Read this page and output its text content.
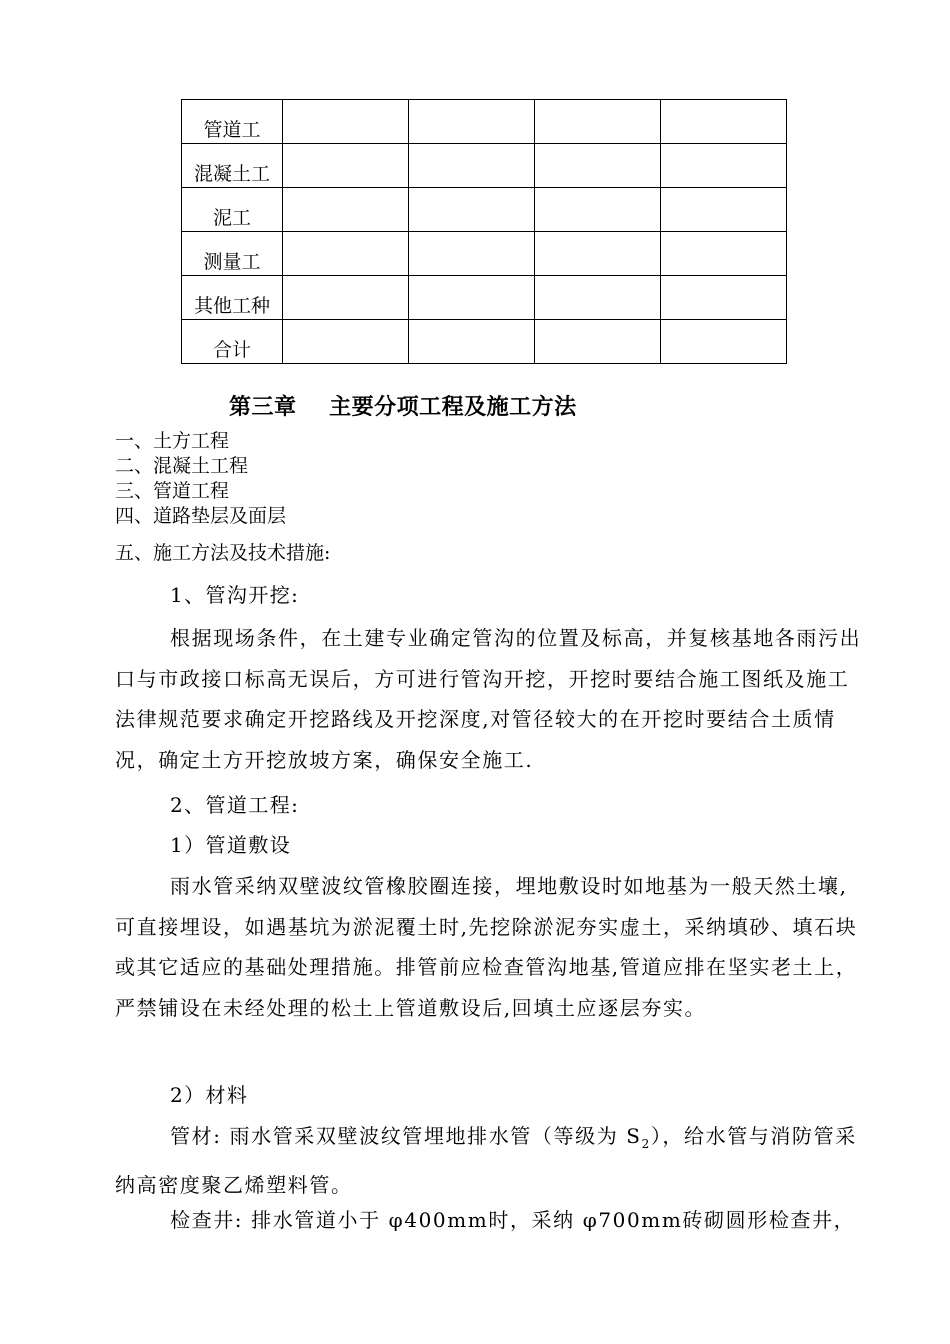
管道工				
混凝土工				
泥工				
测量工				
其他工种				
合计				
第三章    主要分项工程及施工方法
一、土方工程
二、混凝土工程
三、管道工程
四、道路垫层及面层
五、施工方法及技术措施:
1、管沟开挖:
根据现场条件，在土建专业确定管沟的位置及标高，并复核基地各雨污出口与市政接口标高无误后，方可进行管沟开挖，开挖时要结合施工图纸及施工法律规范要求确定开挖路线及开挖深度,对管径较大的在开挖时要结合土质情况，确定土方开挖放坡方案，确保安全施工.
2、管道工程:
1）管道敷设
雨水管采纳双壁波纹管橡胶圈连接，埋地敷设时如地基为一般天然土壤,可直接埋设，如遇基坑为淤泥覆土时,先挖除淤泥夯实虚土，采纳填砂、填石块或其它适应的基础处理措施。排管前应检查管沟地基,管道应排在坚实老土上，严禁铺设在未经处理的松土上管道敷设后,回填土应逐层夯实。
2）材料
管材: 雨水管采双壁波纹管埋地排水管（等级为 $S_2$），给水管与消防管采纳高密度聚乙烯塑料管。
检查井: 排水管道小于 φ400mm时，采纳 φ700mm砖砌圆形检查井，
